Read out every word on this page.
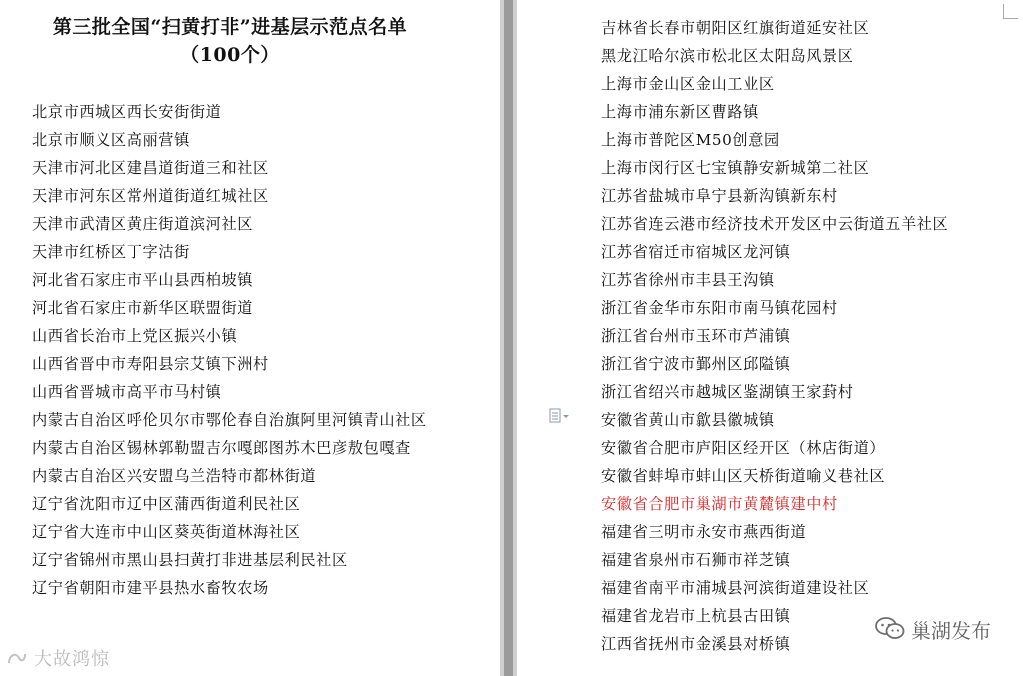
第三批全国“扫黄打非”进基层示范点名单
（100个）
北京市西城区西长安街街道
北京市顺义区高丽营镇
天津市河北区建昌道街道三和社区
天津市河东区常州道街道红城社区
天津市武清区黄庄街道滨河社区
天津市红桥区丁字沽街
河北省石家庄市平山县西柏坡镇
河北省石家庄市新华区联盟街道
山西省长治市上党区振兴小镇
山西省晋中市寿阳县宗艾镇下洲村
山西省晋城市高平市马村镇
内蒙古自治区呼伦贝尔市鄂伦春自治旗阿里河镇青山社区
内蒙古自治区锡林郭勒盟吉尔嘎郎图苏木巴彦敖包嘎查
内蒙古自治区兴安盟乌兰浩特市都林街道
辽宁省沈阳市辽中区蒲西街道利民社区
辽宁省大连市中山区葵英街道林海社区
辽宁省锦州市黑山县扫黄打非进基层利民社区
辽宁省朝阳市建平县热水畜牧农场
吉林省长春市朝阳区红旗街道延安社区
黑龙江哈尔滨市松北区太阳岛风景区
上海市金山区金山工业区
上海市浦东新区曹路镇
上海市普陀区M50创意园
上海市闵行区七宝镇静安新城第二社区
江苏省盐城市阜宁县新沟镇新东村
江苏省连云港市经济技术开发区中云街道五羊社区
江苏省宿迁市宿城区龙河镇
江苏省徐州市丰县王沟镇
浙江省金华市东阳市南马镇花园村
浙江省台州市玉环市芦浦镇
浙江省宁波市鄞州区邱隘镇
浙江省绍兴市越城区鉴湖镇王家葑村
安徽省黄山市歙县徽城镇
安徽省合肥市庐阳区经开区（林店街道）
安徽省蚌埠市蚌山区天桥街道喻义巷社区
安徽省合肥市巢湖市黄麓镇建中村
福建省三明市永安市燕西街道
福建省泉州市石狮市祥芝镇
福建省南平市浦城县河滨街道建设社区
福建省龙岩市上杭县古田镇
江西省抚州市金溪县对桥镇
巢湖发布
大故鸿惊
